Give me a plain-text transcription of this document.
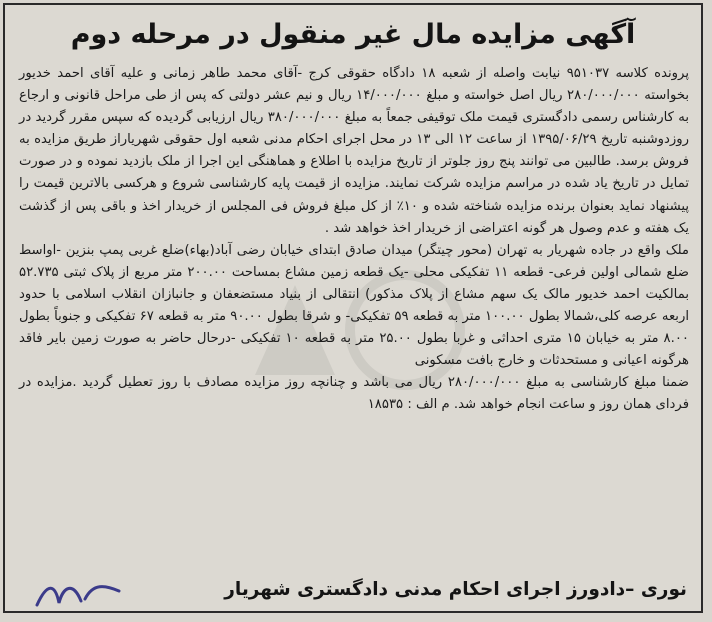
آگهی مزایده مال غیر منقول در مرحله دوم

پرونده کلاسه ۹۵۱۰۳۷ نیابت واصله از شعبه ۱۸ دادگاه حقوقی کرج -آقای محمد طاهر زمانی و علیه آقای احمد خدیور بخواسته ۲۸۰/۰۰۰/۰۰۰ ریال اصل خواسته و مبلغ ۱۴/۰۰۰/۰۰۰ ریال و نیم عشر دولتی که پس از طی مراحل قانونی و ارجاع به کارشناس رسمی دادگستری قیمت ملک توقیفی جمعاً به مبلغ ۳۸۰/۰۰۰/۰۰۰ ریال ارزیابی گردیده که سپس مقرر گردید در روزدوشنبه تاریخ ۱۳۹۵/۰۶/۲۹ از ساعت ۱۲ الی ۱۳ در محل اجرای احکام مدنی شعبه اول حقوقی شهریاراز طریق مزایده به فروش برسد. طالبین می توانند پنج روز جلوتر از تاریخ مزایده با اطلاع و هماهنگی این اجرا از ملک بازدید نموده و در صورت تمایل در تاریخ یاد شده در مراسم مزایده شرکت نمایند. مزایده از قیمت پایه کارشناسی شروع و هرکسی بالاترین قیمت را پیشنهاد نماید بعنوان برنده مزایده شناخته شده و ۱۰٪ از کل مبلغ فروش فی المجلس از خریدار اخذ و باقی پس از گذشت یک هفته و عدم وصول هر گونه اعتراضی از خریدار اخذ خواهد شد .

ملک واقع در جاده شهریار به تهران (محور چیتگر) میدان صادق ابتدای خیابان رضی آباد(بهاء)ضلع غربی پمپ بنزین -اواسط ضلع شمالی اولین فرعی- قطعه ۱۱ تفکیکی محلی -یک قطعه زمین مشاع بمساحت ۲۰۰.۰۰ متر مربع از پلاک ثبتی ۵۲.۷۳۵ بمالکیت احمد خدیور مالک یک سهم مشاع از پلاک مذکور) انتقالی از بنیاد مستضعفان و جانبازان انقلاب اسلامی با حدود اربعه عرصه کلی،شمالا بطول ۱۰۰.۰۰ متر به قطعه ۵۹ تفکیکی- و شرقا بطول ۹۰.۰۰ متر به قطعه ۶۷ تفکیکی و جنوباً بطول ۸.۰۰ متر به خیابان ۱۵ متری احداثی و غربا بطول ۲۵.۰۰ متر به قطعه ۱۰ تفکیکی -درحال حاضر به صورت زمین بایر فاقد هرگونه اعیانی و مستحدثات و خارج بافت مسکونی

ضمنا مبلغ کارشناسی به مبلغ ۲۸۰/۰۰۰/۰۰۰ ریال می باشد و چنانچه روز مزایده مصادف با روز تعطیل گردید .مزایده در فردای همان روز و ساعت انجام خواهد شد. م الف : ۱۸۵۳۵

نوری –دادورز اجرای احکام مدنی دادگستری شهریار
